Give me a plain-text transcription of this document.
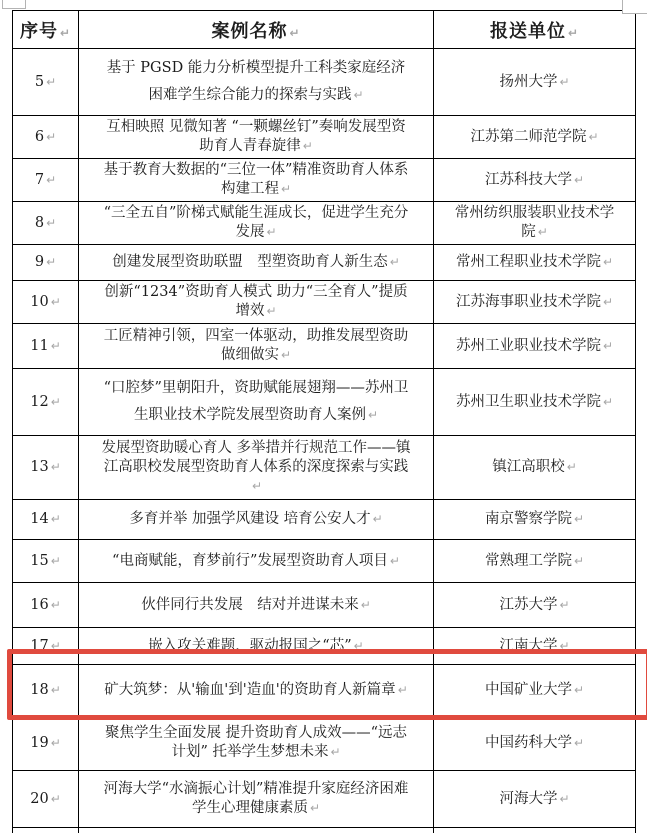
序号 ↵	案例名称 ↵	报送单位 ↵
5 ↵	基于 PGSD 能力分析模型提升工科类家庭经济困难学生综合能力的探索与实践 ↵	扬州大学 ↵
6 ↵	互相映照 见微知著 “一颗螺丝钉”奏响发展型资助育人青春旋律 ↵	江苏第二师范学院 ↵
7 ↵	基于教育大数据的“三位一体”精准资助育人体系构建工程 ↵	江苏科技大学 ↵
8 ↵	“三全五自”阶梯式赋能生涯成长，促进学生充分发展 ↵	常州纺织服装职业技术学院 ↵
9 ↵	创建发展型资助联盟　型塑资助育人新生态 ↵	常州工程职业技术学院 ↵
10 ↵	创新“1234”资助育人模式 助力“三全育人”提质增效 ↵	江苏海事职业技术学院 ↵
11 ↵	工匠精神引领，四室一体驱动，助推发展型资助做细做实 ↵	苏州工业职业技术学院 ↵
12 ↵	“口腔梦”里朝阳升，资助赋能展翅翔——苏州卫生职业技术学院发展型资助育人案例 ↵	苏州卫生职业技术学院 ↵
13 ↵	发展型资助暖心育人 多举措并行规范工作——镇江高职校发展型资助育人体系的深度探索与实践↵	镇江高职校 ↵
14 ↵	多育并举 加强学风建设 培育公安人才 ↵	南京警察学院 ↵
15 ↵	“电商赋能，育梦前行”发展型资助育人项目 ↵	常熟理工学院 ↵
16 ↵	伙伴同行共发展　结对并进谋未来 ↵	江苏大学 ↵
17 ↵	嵌入攻关难题，驱动报国之“芯” ↵	江南大学 ↵
18 ↵	矿大筑梦：从'输血'到'造血'的资助育人新篇章 ↵	中国矿业大学 ↵
19 ↵	聚焦学生全面发展 提升资助育人成效——“远志计划” 托举学生梦想未来 ↵	中国药科大学 ↵
20 ↵	河海大学“水滴振心计划”精准提升家庭经济困难学生心理健康素质 ↵	河海大学 ↵
